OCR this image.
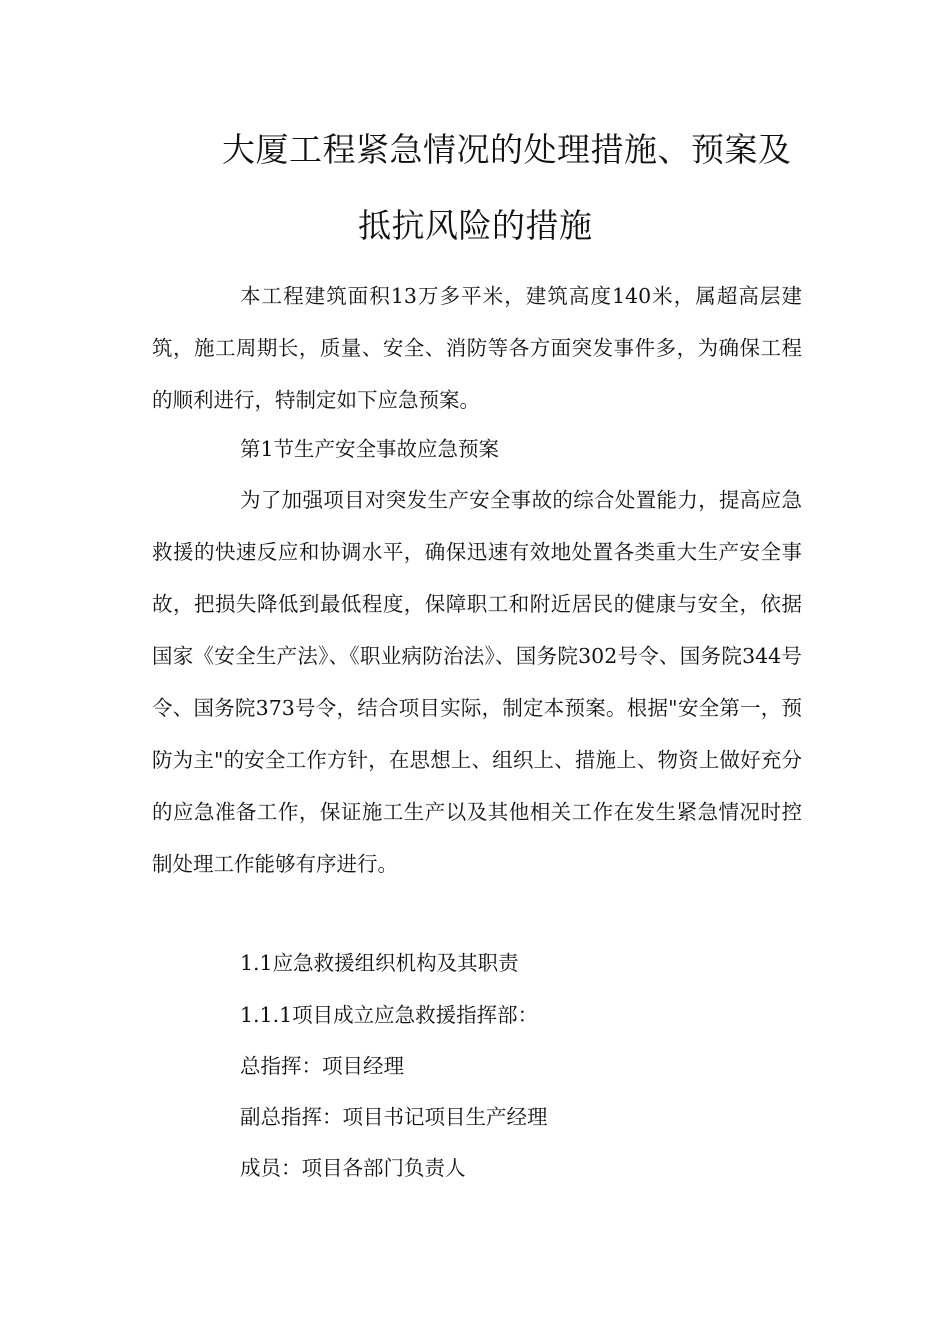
大厦工程紧急情况的处理措施、预案及
抵抗风险的措施
本工程建筑面积13万多平米，建筑高度140米，属超高层建筑，施工周期长，质量、安全、消防等各方面突发事件多，为确保工程的顺利进行，特制定如下应急预案。
第1节生产安全事故应急预案
为了加强项目对突发生产安全事故的综合处置能力，提高应急救援的快速反应和协调水平，确保迅速有效地处置各类重大生产安全事故，把损失降低到最低程度，保障职工和附近居民的健康与安全，依据国家《安全生产法》、《职业病防治法》、国务院302号令、国务院344号令、国务院373号令，结合项目实际，制定本预案。根据"安全第一，预防为主"的安全工作方针，在思想上、组织上、措施上、物资上做好充分的应急准备工作，保证施工生产以及其他相关工作在发生紧急情况时控制处理工作能够有序进行。
1.1应急救援组织机构及其职责
1.1.1项目成立应急救援指挥部：
总指挥：项目经理
副总指挥：项目书记项目生产经理
成员：项目各部门负责人
